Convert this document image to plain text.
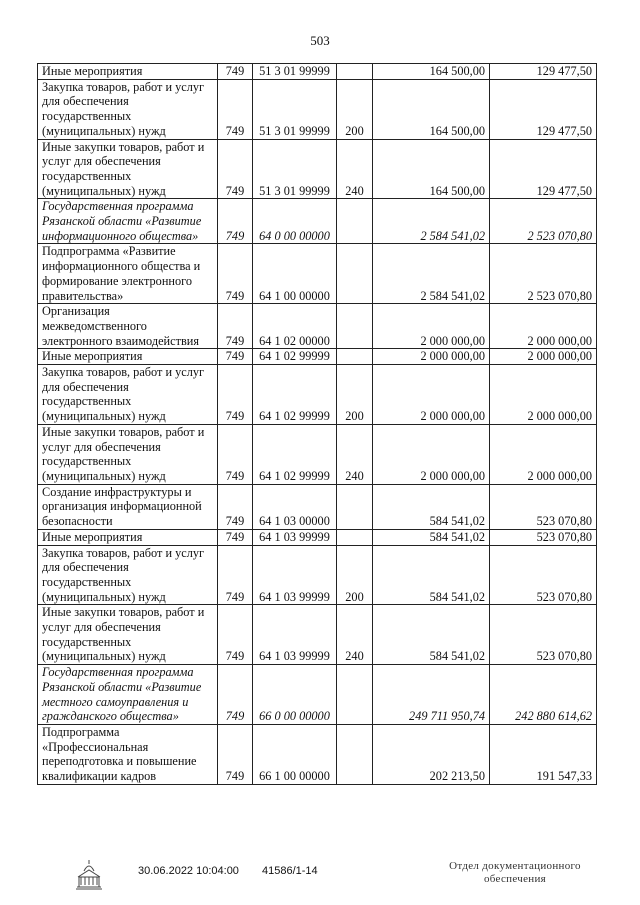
503
Иные мероприятия	749	51 3 01 99999		164 500,00	129 477,50
Закупка товаров, работ и услуг для обеспечения государственных (муниципальных) нужд	749	51 3 01 99999	200	164 500,00	129 477,50
Иные закупки товаров, работ и услуг для обеспечения государственных (муниципальных) нужд	749	51 3 01 99999	240	164 500,00	129 477,50
Государственная программа Рязанской области «Развитие информационного общества»	749	64 0 00 00000		2 584 541,02	2 523 070,80
Подпрограмма «Развитие информационного общества и формирование электронного правительства»	749	64 1 00 00000		2 584 541,02	2 523 070,80
Организация межведомственного электронного взаимодействия	749	64 1 02 00000		2 000 000,00	2 000 000,00
Иные мероприятия	749	64 1 02 99999		2 000 000,00	2 000 000,00
Закупка товаров, работ и услуг для обеспечения государственных (муниципальных) нужд	749	64 1 02 99999	200	2 000 000,00	2 000 000,00
Иные закупки товаров, работ и услуг для обеспечения государственных (муниципальных) нужд	749	64 1 02 99999	240	2 000 000,00	2 000 000,00
Создание инфраструктуры и организация информационной безопасности	749	64 1 03 00000		584 541,02	523 070,80
Иные мероприятия	749	64 1 03 99999		584 541,02	523 070,80
Закупка товаров, работ и услуг для обеспечения государственных (муниципальных) нужд	749	64 1 03 99999	200	584 541,02	523 070,80
Иные закупки товаров, работ и услуг для обеспечения государственных (муниципальных) нужд	749	64 1 03 99999	240	584 541,02	523 070,80
Государственная программа Рязанской области «Развитие местного самоуправления и гражданского общества»	749	66 0 00 00000		249 711 950,74	242 880 614,62
Подпрограмма «Профессиональная переподготовка и повышение квалификации кадров	749	66 1 00 00000		202 213,50	191 547,33
30.06.2022 10:04:00 41586/1-14	Отдел документационного
обеспечения
